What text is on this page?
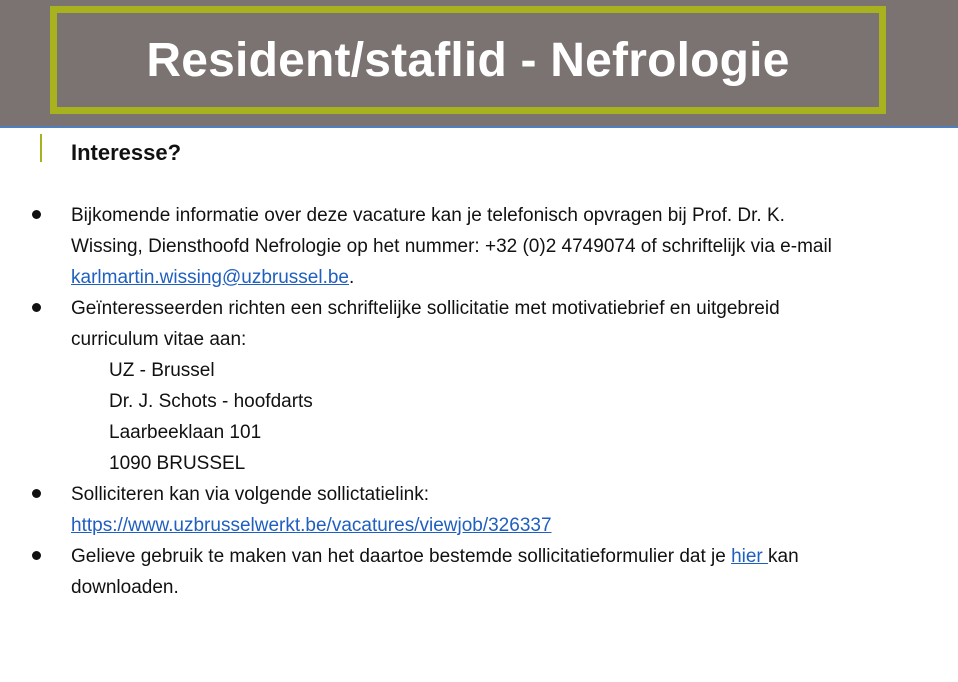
Resident/staflid - Nefrologie
Interesse?
Bijkomende informatie over deze vacature kan je telefonisch opvragen bij Prof. Dr. K.
Wissing, Diensthoofd Nefrologie op het nummer: +32 (0)2 4749074 of schriftelijk via e-mail
karlmartin.wissing@uzbrussel.be.
Geïnteresseerden richten een schriftelijke sollicitatie met motivatiebrief en uitgebreid
curriculum vitae aan:
UZ - Brussel
Dr. J. Schots - hoofdarts
Laarbeeklaan 101
1090 BRUSSEL
Solliciteren kan via volgende sollictatielink:
https://www.uzbrusselwerkt.be/vacatures/viewjob/326337
Gelieve gebruik te maken van het daartoe bestemde sollicitatieformulier dat je hier kan
downloaden.
